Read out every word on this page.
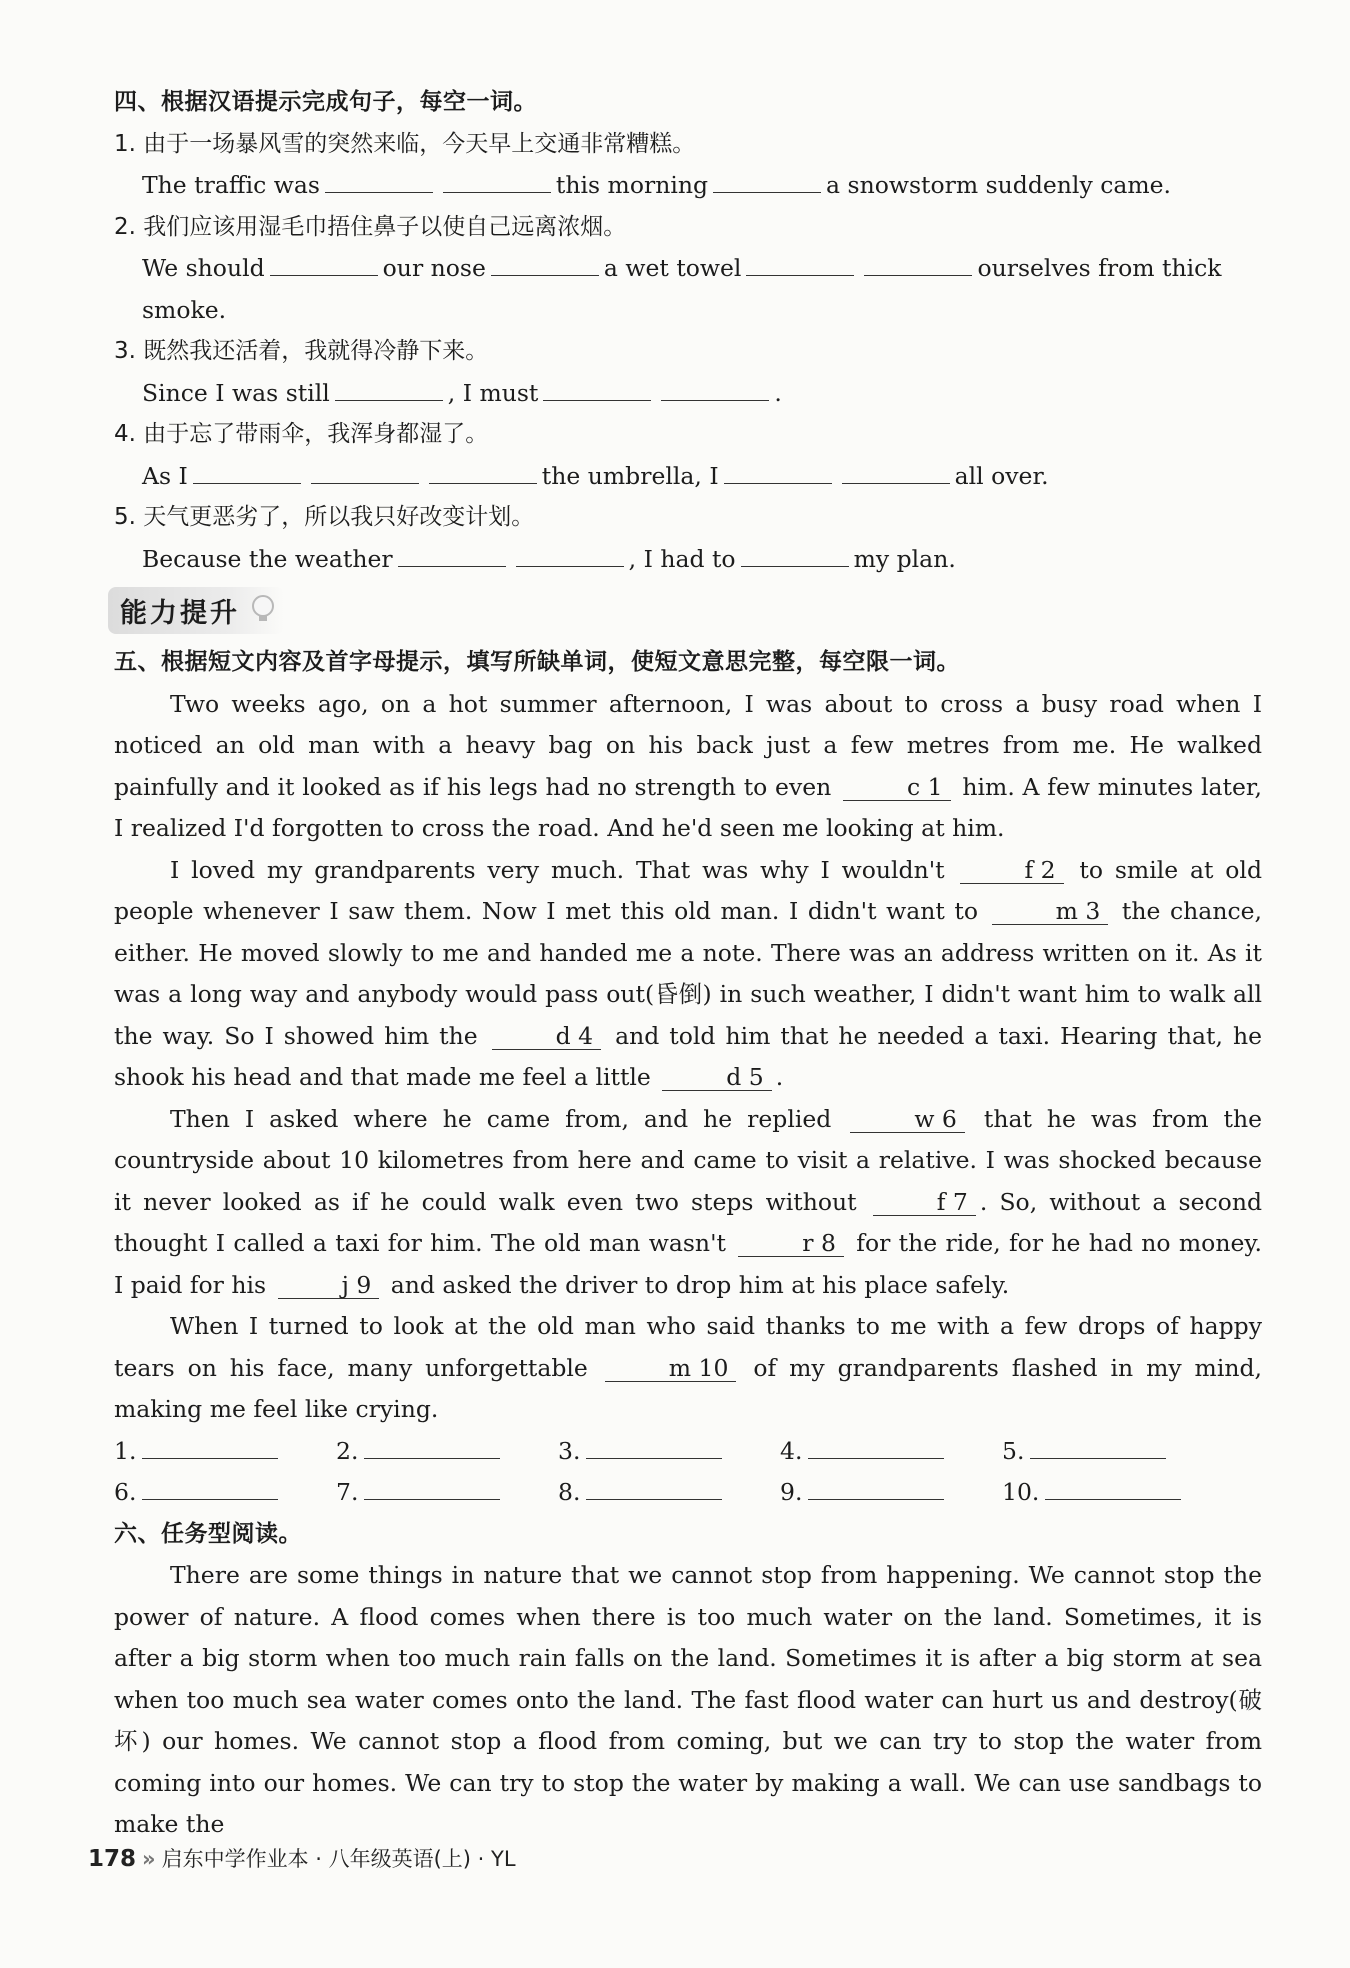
四、根据汉语提示完成句子，每空一词。
1. 由于一场暴风雪的突然来临，今天早上交通非常糟糕。
The traffic was	this morning	a snowstorm suddenly came.
2. 我们应该用湿毛巾捂住鼻子以使自己远离浓烟。
We should	our nose	a wet towel	ourselves from thick
smoke.
3. 既然我还活着，我就得冷静下来。
Since I was still	, I must	.
4. 由于忘了带雨伞，我浑身都湿了。
As I	the umbrella, I	all over.
5. 天气更恶劣了，所以我只好改变计划。
Because the weather	, I had to	my plan.
能力提升
五、根据短文内容及首字母提示，填写所缺单词，使短文意思完整，每空限一词。

Two weeks ago, on a hot summer afternoon, I was about to cross a busy road when I noticed an old man with a heavy bag on his back just a few metres from me. He walked painfully and it looked as if his legs had no strength to even	c 1 him. A few minutes later, I realized I'd forgotten to cross the road. And he'd seen me looking at him.

I loved my grandparents very much. That was why I wouldn't	f 2 to smile at old people whenever I saw them. Now I met this old man. I didn't want to	m 3 the chance, either. He moved slowly to me and handed me a note. There was an address written on it. As it was a long way and anybody would pass out(昏倒) in such weather, I didn't want him to walk all the way. So I showed him the	d 4 and told him that he needed a taxi. Hearing that, he shook his head and that made me feel a little	d 5 .

Then I asked where he came from, and he replied	w 6 that he was from the countryside about 10 kilometres from here and came to visit a relative. I was shocked because it never looked as if he could walk even two steps without	f 7 . So, without a second thought I called a taxi for him. The old man wasn't	r 8 for the ride, for he had no money. I paid for his	j 9 and asked the driver to drop him at his place safely.

When I turned to look at the old man who said thanks to me with a few drops of happy tears on his face, many unforgettable	m 10 of my grandparents flashed in my mind, making me feel like crying.

1.	2.	3.	4.	5.
6.	7.	8.	9.	10.
六、任务型阅读。

There are some things in nature that we cannot stop from happening. We cannot stop the power of nature. A flood comes when there is too much water on the land. Sometimes, it is after a big storm when too much rain falls on the land. Sometimes it is after a big storm at sea when too much sea water comes onto the land. The fast flood water can hurt us and destroy(破坏) our homes. We cannot stop a flood from coming, but we can try to stop the water from coming into our homes. We can try to stop the water by making a wall. We can use sandbags to make the

178 » 启东中学作业本 · 八年级英语(上) · YL
